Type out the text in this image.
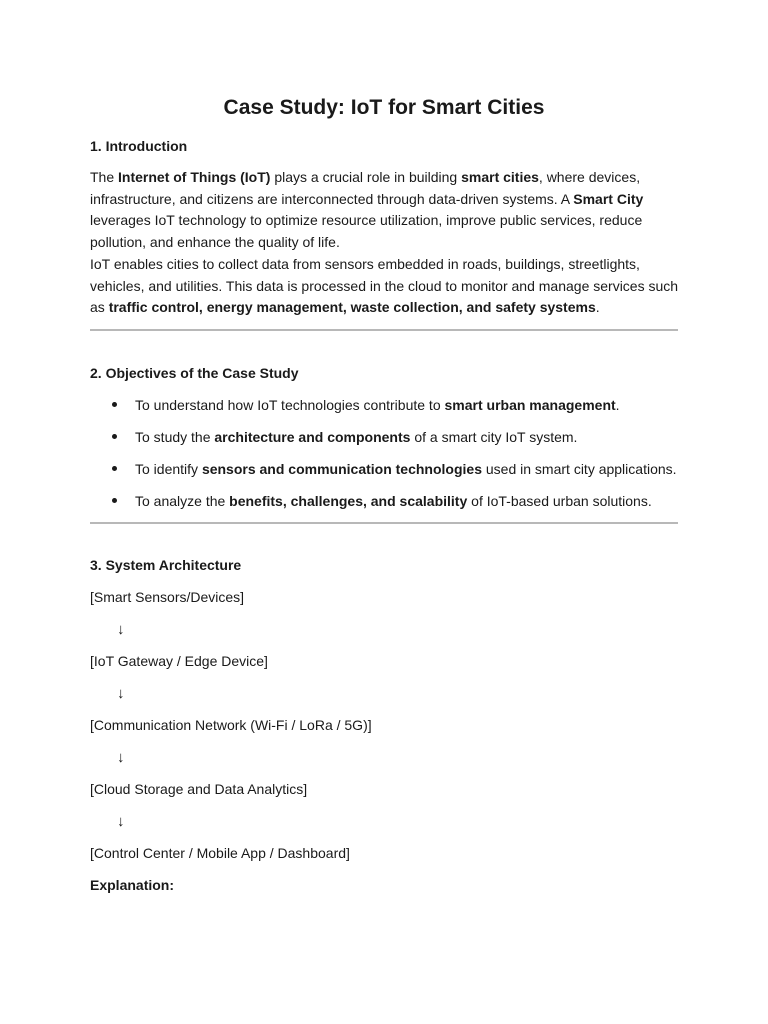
Case Study: IoT for Smart Cities
1. Introduction
The Internet of Things (IoT) plays a crucial role in building smart cities, where devices, infrastructure, and citizens are interconnected through data-driven systems. A Smart City leverages IoT technology to optimize resource utilization, improve public services, reduce pollution, and enhance the quality of life.
IoT enables cities to collect data from sensors embedded in roads, buildings, streetlights, vehicles, and utilities. This data is processed in the cloud to monitor and manage services such as traffic control, energy management, waste collection, and safety systems.
2. Objectives of the Case Study
To understand how IoT technologies contribute to smart urban management.
To study the architecture and components of a smart city IoT system.
To identify sensors and communication technologies used in smart city applications.
To analyze the benefits, challenges, and scalability of IoT-based urban solutions.
3. System Architecture
[Smart Sensors/Devices]
↓
[IoT Gateway / Edge Device]
↓
[Communication Network (Wi-Fi / LoRa / 5G)]
↓
[Cloud Storage and Data Analytics]
↓
[Control Center / Mobile App / Dashboard]
Explanation:
